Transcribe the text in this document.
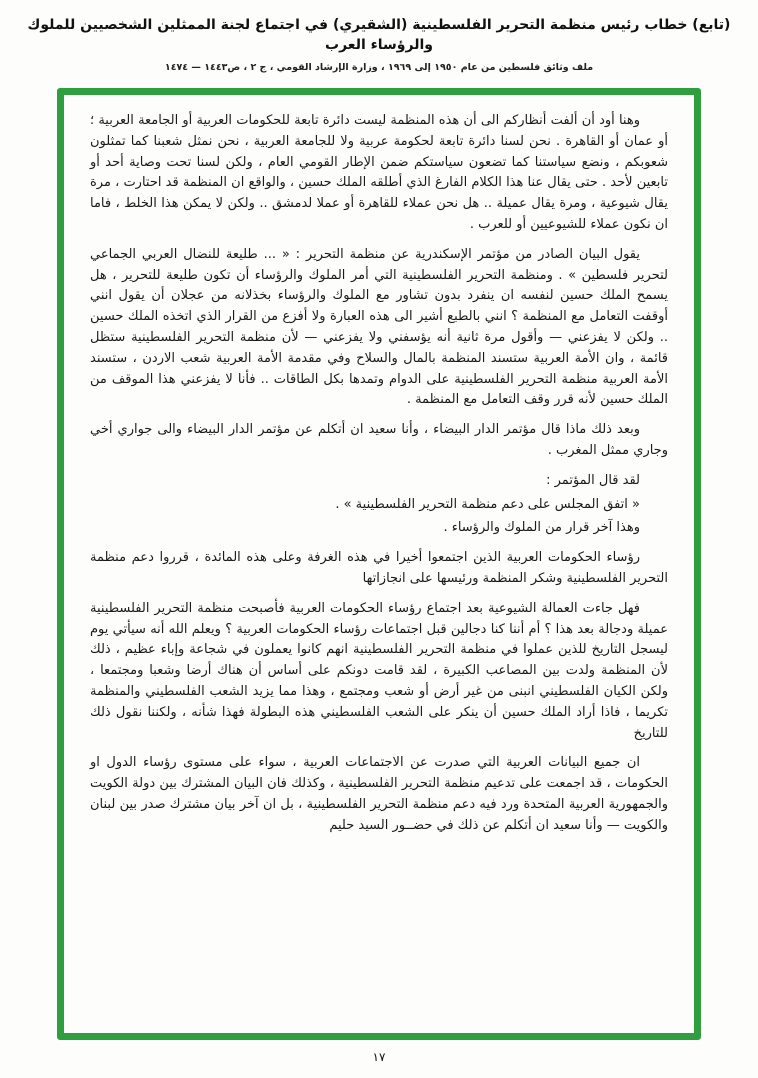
(تابع) خطاب رئيس منظمة التحرير الفلسطينية (الشقيري) في اجتماع لجنة الممثلين الشخصيين للملوك والرؤساء العرب
ملف وثائق فلسطين من عام ١٩٥٠ إلى ١٩٦٩ ، وزارة الإرشاد القومي ، ج ٢ ، ص١٤٤٣ — ١٤٧٤

وهنا أود أن ألفت أنظاركم الى أن هذه المنظمة ليست دائرة تابعة للحكومات العربية أو الجامعة العربية ؛ أو عمان أو القاهرة . نحن لسنا دائرة تابعة لحكومة عربية ولا للجامعة العربية ، نحن نمثل شعبنا كما تمثلون شعوبكم ، ونضع سياستنا كما تضعون سياستكم ضمن الإطار القومي العام ، ولكن لسنا تحت وصاية أحد أو تابعين لأحد . حتى يقال عنا هذا الكلام الفارغ الذي أطلقه الملك حسين ، والواقع ان المنظمة قد احتارت ، مرة يقال شيوعية ، ومرة يقال عميلة .. هل نحن عملاء للقاهرة أو عملا لدمشق .. ولكن لا يمكن هذا الخلط ، فاما ان نكون عملاء للشيوعيين أو للعرب .

يقول البيان الصادر من مؤتمر الإسكندرية عن منظمة التحرير : « ... طليعة للنضال العربي الجماعي لتحرير فلسطين » . ومنظمة التحرير الفلسطينية التي أمر الملوك والرؤساء أن تكون طليعة للتحرير ، هل يسمح الملك حسين لنفسه ان ينفرد بدون تشاور مع الملوك والرؤساء بخذلانه من عجلان أن يقول انني أوقفت التعامل مع المنظمة ؟ انني بالطبع أشير الى هذه العبارة ولا أفزع من القرار الذي اتخذه الملك حسين .. ولكن لا يفزعني — وأقول مرة ثانية أنه يؤسفني ولا يفزعني — لأن منظمة التحرير الفلسطينية ستظل قائمة ، وان الأمة العربية ستسند المنظمة بالمال والسلاح وفي مقدمة الأمة العربية شعب الاردن ، ستسند الأمة العربية منظمة التحرير الفلسطينية على الدوام وتمدها بكل الطاقات .. فأنا لا يفزعني هذا الموقف من الملك حسين لأنه قرر وقف التعامل مع المنظمة .

وبعد ذلك ماذا قال مؤتمر الدار البيضاء ، وأنا سعيد ان أتكلم عن مؤتمر الدار البيضاء والى جواري أخي وجاري ممثل المغرب .

لقد قال المؤتمر :

« اتفق المجلس على دعم منظمة التحرير الفلسطينية » .

وهذا آخر قرار من الملوك والرؤساء .

رؤساء الحكومات العربية الذين اجتمعوا أخيرا في هذه الغرفة وعلى هذه المائدة ، قرروا دعم منظمة التحرير الفلسطينية وشكر المنظمة ورئيسها على انجازاتها

فهل جاءت العمالة الشيوعية بعد اجتماع رؤساء الحكومات العربية فأصبحت منظمة التحرير الفلسطينية عميلة ودجالة بعد هذا ؟ أم أننا كنا دجالين قبل اجتماعات رؤساء الحكومات العربية ؟ ويعلم الله أنه سيأتي يوم ليسجل التاريخ للذين عملوا في منظمة التحرير الفلسطينية انهم كانوا يعملون في شجاعة وإباء عظيم ، ذلك لأن المنظمة ولدت بين المصاعب الكبيرة ، لقد قامت دونكم على أساس أن هناك أرضا وشعبا ومجتمعا ، ولكن الكيان الفلسطيني انبنى من غير أرض أو شعب ومجتمع ، وهذا مما يزيد الشعب الفلسطيني والمنظمة تكريما ، فاذا أراد الملك حسين أن ينكر على الشعب الفلسطيني هذه البطولة فهذا شأنه ، ولكننا نقول ذلك للتاريخ

ان جميع البيانات العربية التي صدرت عن الاجتماعات العربية ، سواء على مستوى رؤساء الدول او الحكومات ، قد اجمعت على تدعيم منظمة التحرير الفلسطينية ، وكذلك فان البيان المشترك بين دولة الكويت والجمهورية العربية المتحدة ورد فيه دعم منظمة التحرير الفلسطينية ، بل ان آخر بيان مشترك صدر بين لبنان والكويت — وأنا سعيد ان أتكلم عن ذلك في حضــور السيد حليم

١٧
